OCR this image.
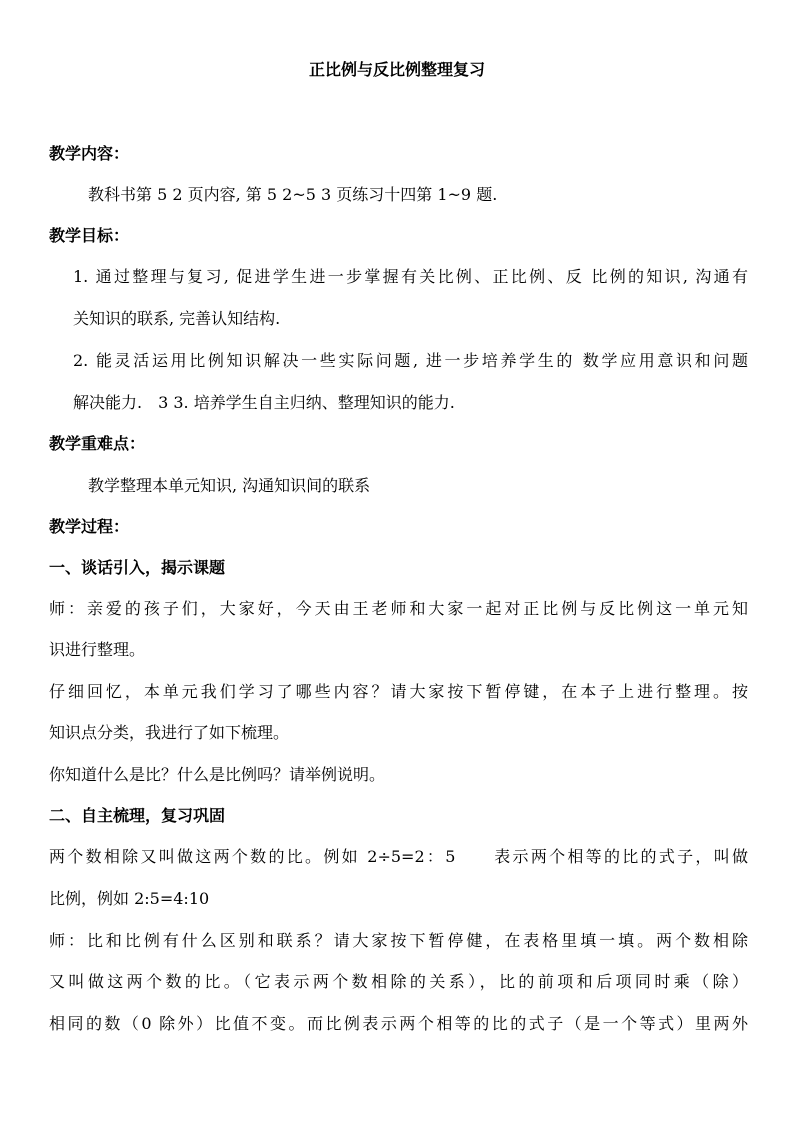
正比例与反比例整理复习
教学内容：
教科书第 5 2 页内容, 第 5 2~5 3 页练习十四第 1~9 题.
教学目标：
1. 通过整理与复习, 促进学生进一步掌握有关比例、正比例、反 比例的知识, 沟通有
关知识的联系, 完善认知结构.
2. 能灵活运用比例知识解决一些实际问题, 进一步培养学生的 数学应用意识和问题
解决能力.　3 3. 培养学生自主归纳、整理知识的能力.
教学重难点：
教学整理本单元知识, 沟通知识间的联系
教学过程：
一、谈话引入，揭示课题
师：亲爱的孩子们，大家好，今天由王老师和大家一起对正比例与反比例这一单元知
识进行整理。
仔细回忆，本单元我们学习了哪些内容？请大家按下暂停键，在本子上进行整理。按
知识点分类，我进行了如下梳理。
你知道什么是比？什么是比例吗？请举例说明。
二、自主梳理，复习巩固
两个数相除又叫做这两个数的比。例如 2÷5=2：5　　表示两个相等的比的式子，叫做
比例，例如 2:5=4:10
师：比和比例有什么区别和联系？请大家按下暂停健，在表格里填一填。两个数相除
又叫做这两个数的比。（它表示两个数相除的关系），比的前项和后项同时乘（除）
相同的数（0 除外）比值不变。而比例表示两个相等的比的式子（是一个等式）里两外
